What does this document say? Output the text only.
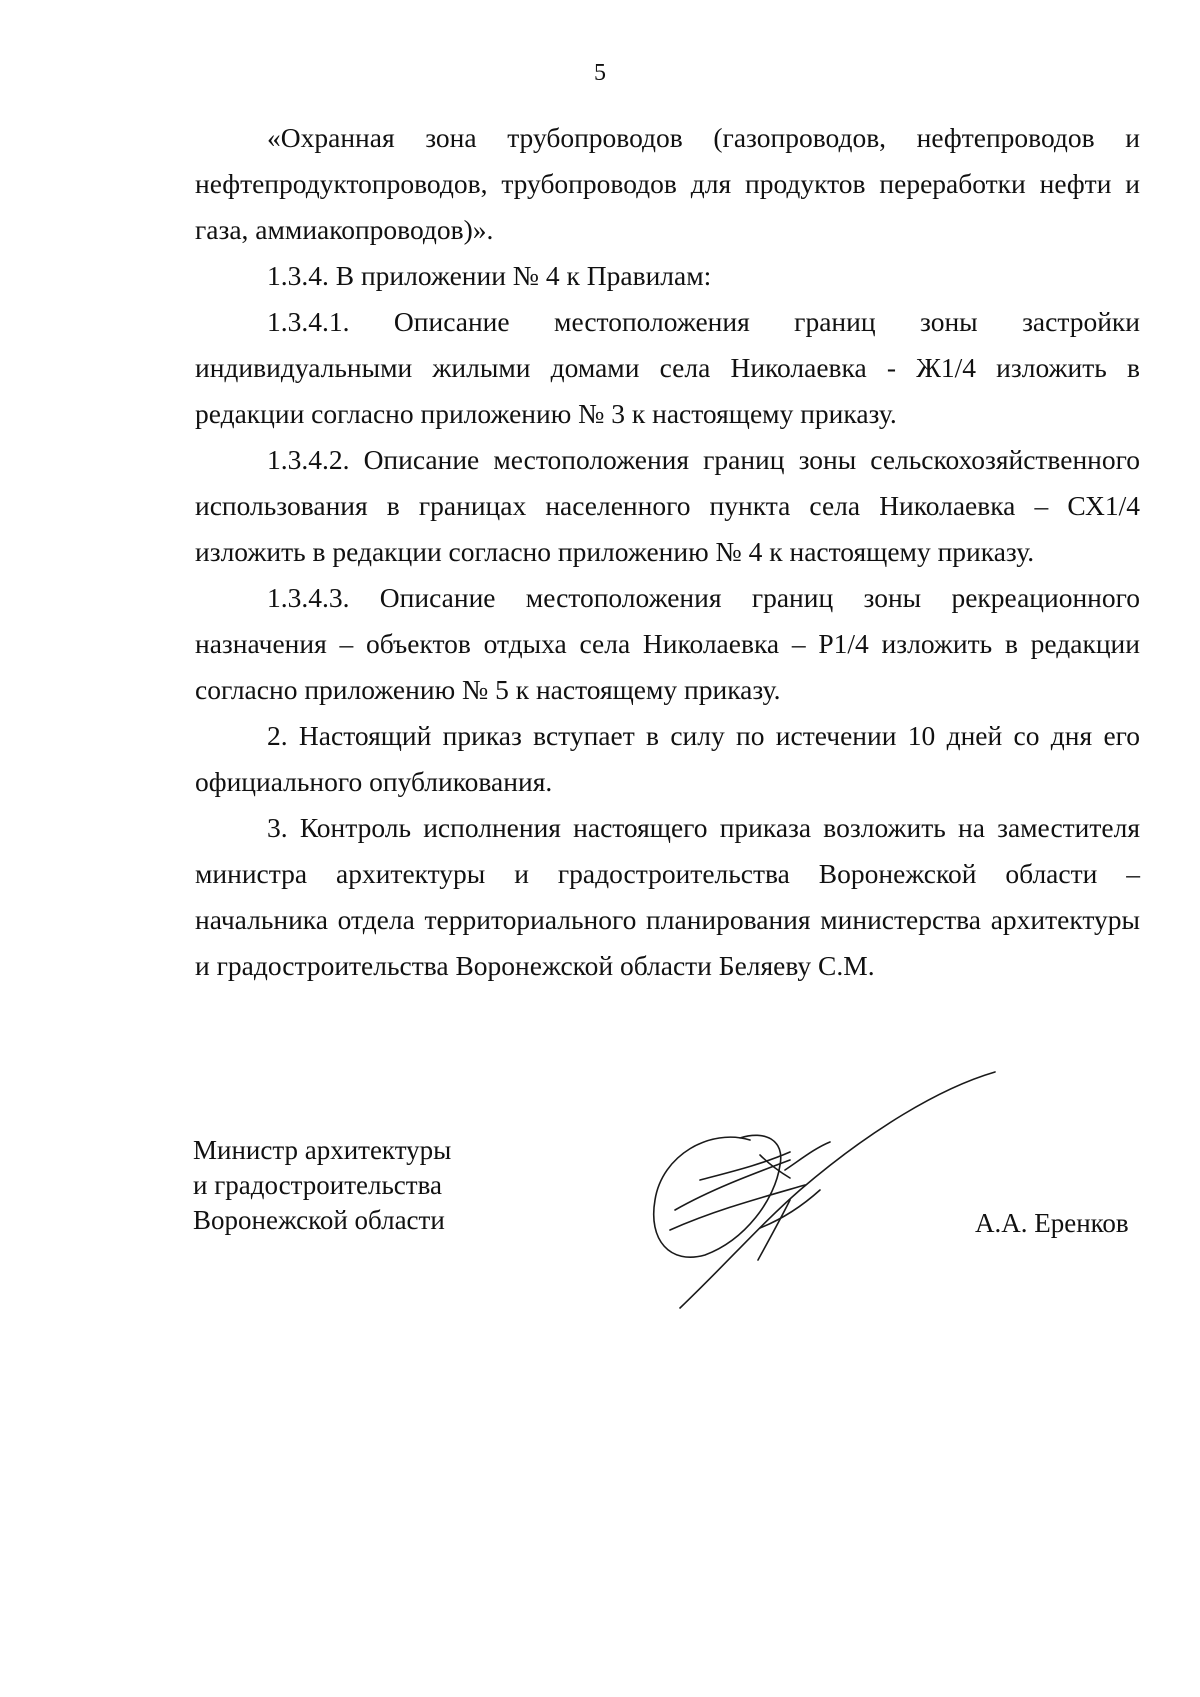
5

«Охранная зона трубопроводов (газопроводов, нефтепроводов и нефтепродуктопроводов, трубопроводов для продуктов переработки нефти и газа, аммиакопроводов)».

1.3.4. В приложении № 4 к Правилам:

1.3.4.1. Описание местоположения границ зоны застройки индивидуальными жилыми домами села Николаевка - Ж1/4 изложить в редакции согласно приложению № 3 к настоящему приказу.

1.3.4.2. Описание местоположения границ зоны сельскохозяйственного использования в границах населенного пункта села Николаевка – СХ1/4 изложить в редакции согласно приложению № 4 к настоящему приказу.

1.3.4.3. Описание местоположения границ зоны рекреационного назначения – объектов отдыха села Николаевка – Р1/4 изложить в редакции согласно приложению № 5 к настоящему приказу.

2. Настоящий приказ вступает в силу по истечении 10 дней со дня его официального опубликования.

3. Контроль исполнения настоящего приказа возложить на заместителя министра архитектуры и градостроительства Воронежской области – начальника отдела территориального планирования министерства архитектуры и градостроительства Воронежской области Беляеву С.М.

Министр архитектуры
и градостроительства
Воронежской области	А.А. Еренков
